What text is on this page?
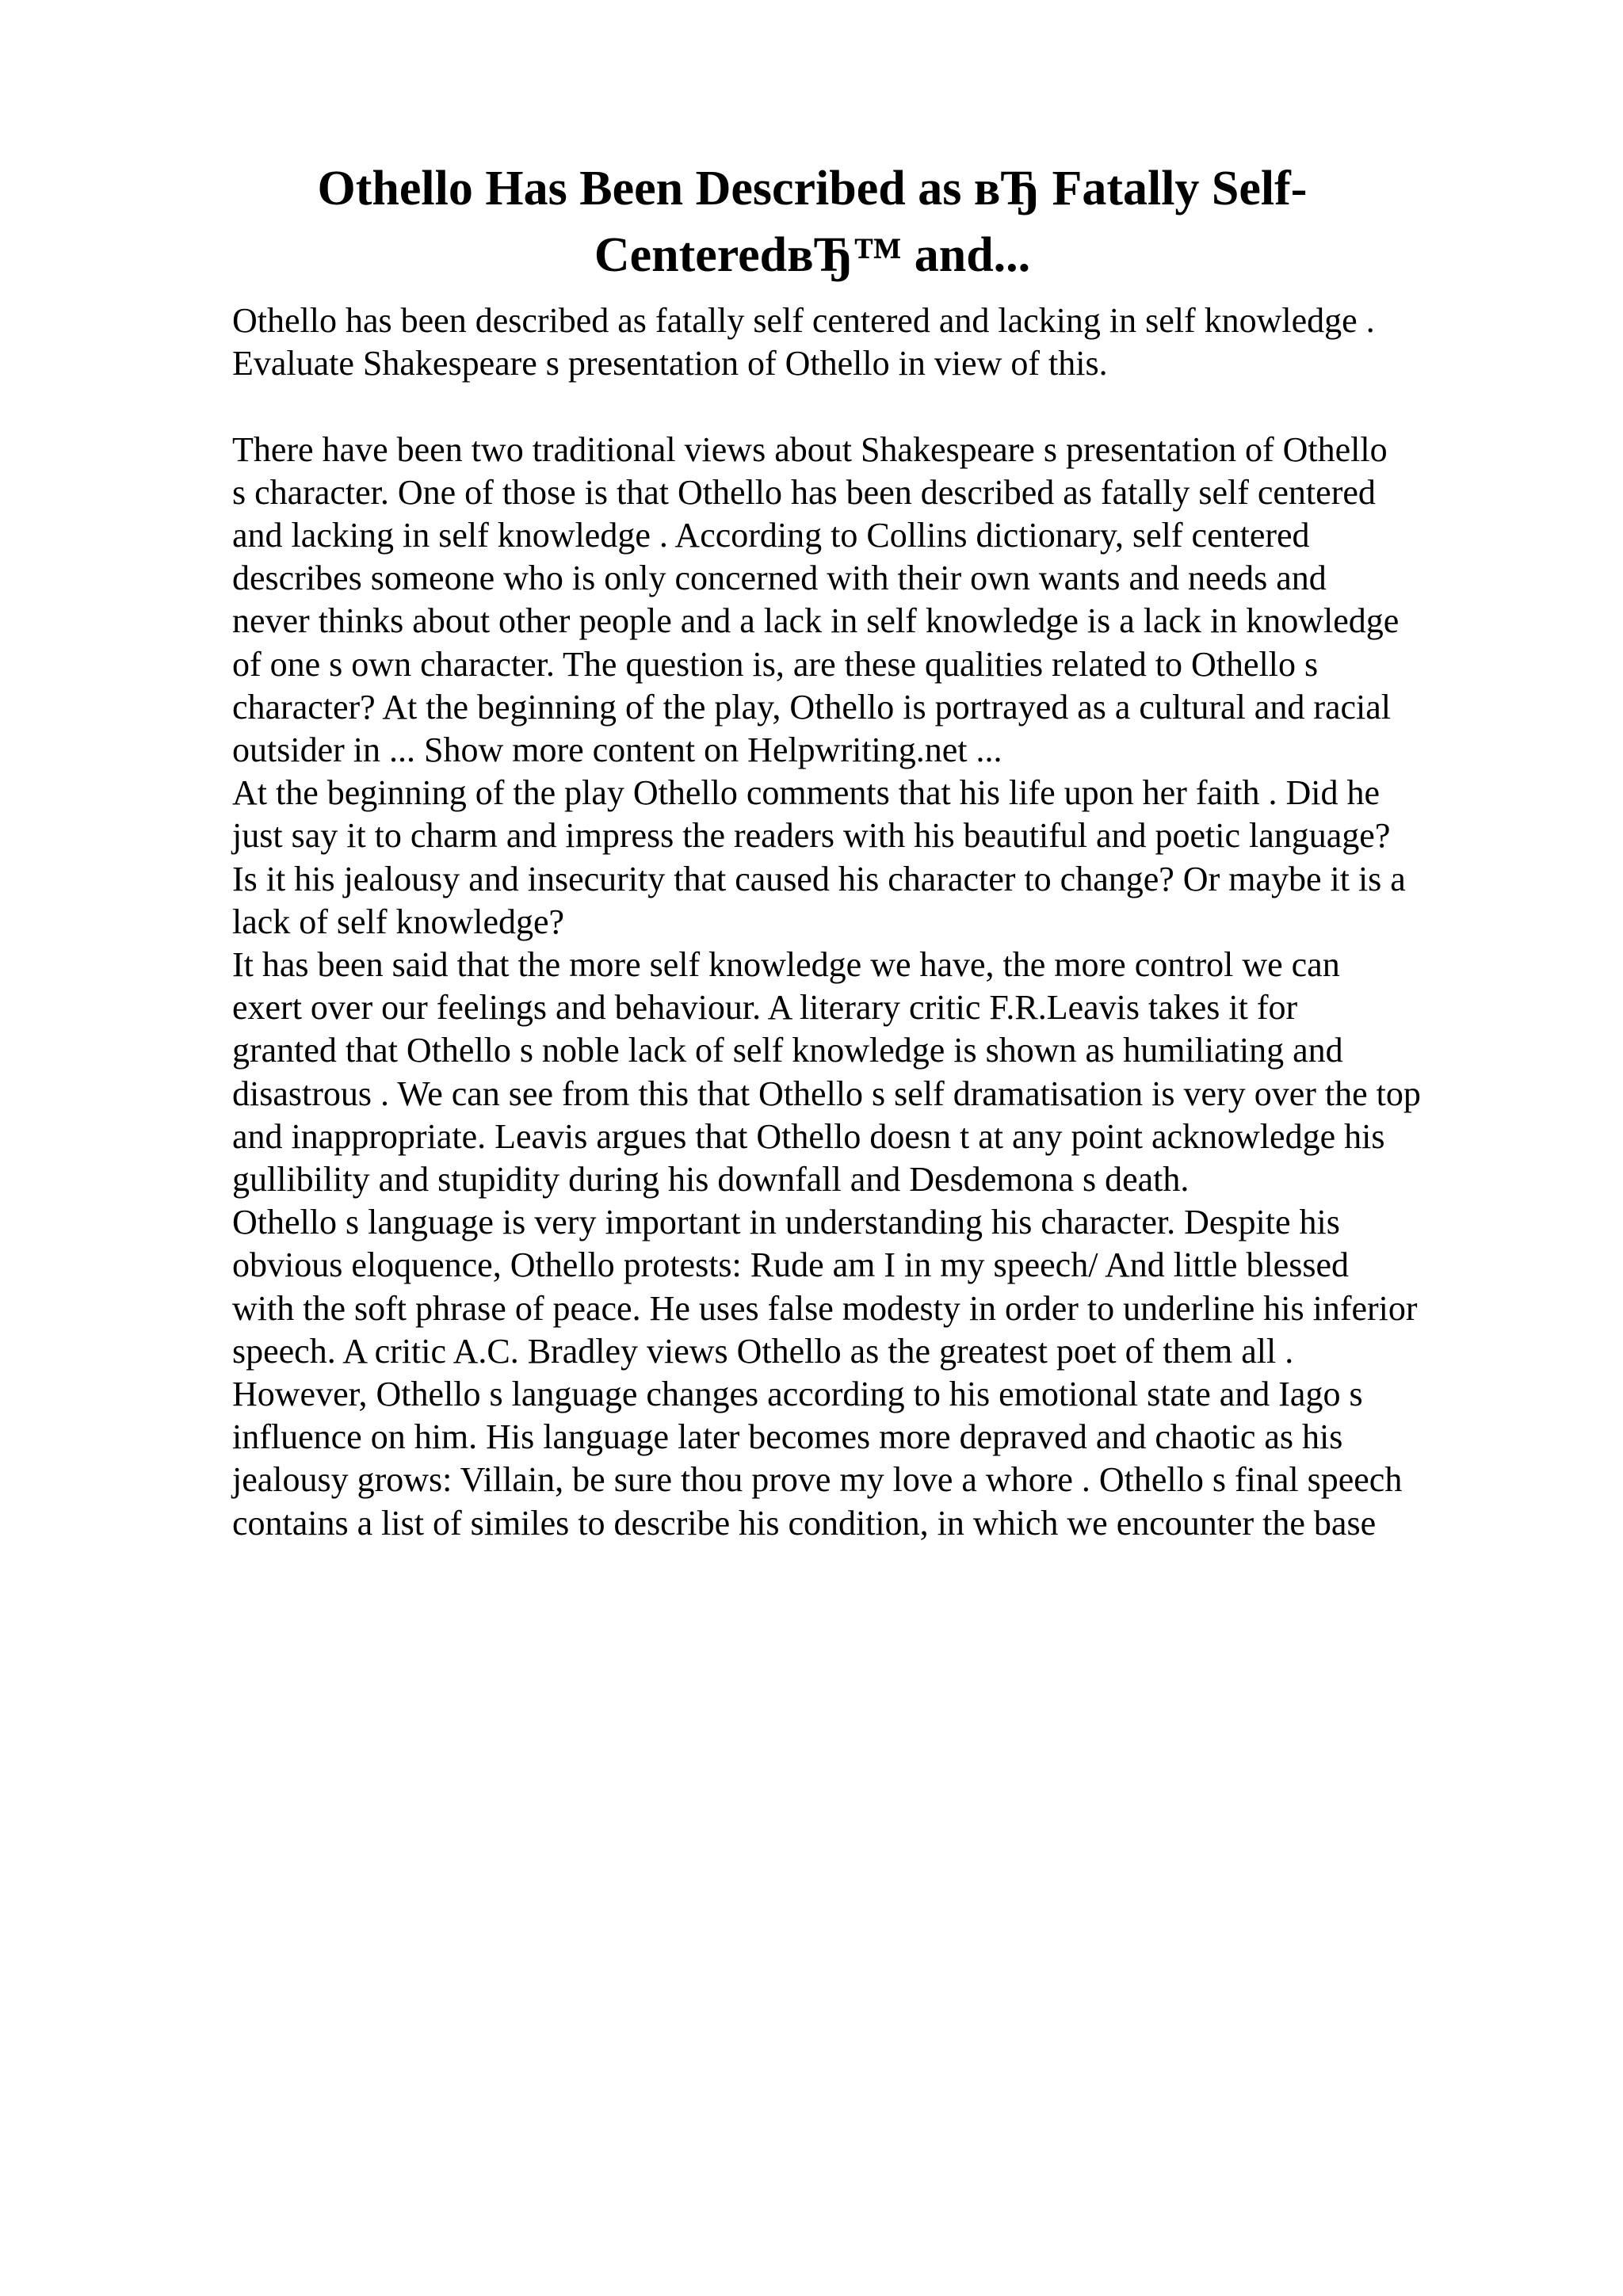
Othello Has Been Described as вЂ Fatally Self-
CenteredвЂ™ and...
Othello has been described as fatally self centered and lacking in self knowledge .
Evaluate Shakespeare s presentation of Othello in view of this.
There have been two traditional views about Shakespeare s presentation of Othello
s character. One of those is that Othello has been described as fatally self centered
and lacking in self knowledge . According to Collins dictionary, self centered
describes someone who is only concerned with their own wants and needs and
never thinks about other people and a lack in self knowledge is a lack in knowledge
of one s own character. The question is, are these qualities related to Othello s
character? At the beginning of the play, Othello is portrayed as a cultural and racial
outsider in ... Show more content on Helpwriting.net ...
At the beginning of the play Othello comments that his life upon her faith . Did he
just say it to charm and impress the readers with his beautiful and poetic language?
Is it his jealousy and insecurity that caused his character to change? Or maybe it is a
lack of self knowledge?
It has been said that the more self knowledge we have, the more control we can
exert over our feelings and behaviour. A literary critic F.R.Leavis takes it for
granted that Othello s noble lack of self knowledge is shown as humiliating and
disastrous . We can see from this that Othello s self dramatisation is very over the top
and inappropriate. Leavis argues that Othello doesn t at any point acknowledge his
gullibility and stupidity during his downfall and Desdemona s death.
Othello s language is very important in understanding his character. Despite his
obvious eloquence, Othello protests: Rude am I in my speech/ And little blessed
with the soft phrase of peace. He uses false modesty in order to underline his inferior
speech. A critic A.C. Bradley views Othello as the greatest poet of them all .
However, Othello s language changes according to his emotional state and Iago s
influence on him. His language later becomes more depraved and chaotic as his
jealousy grows: Villain, be sure thou prove my love a whore . Othello s final speech
contains a list of similes to describe his condition, in which we encounter the base
